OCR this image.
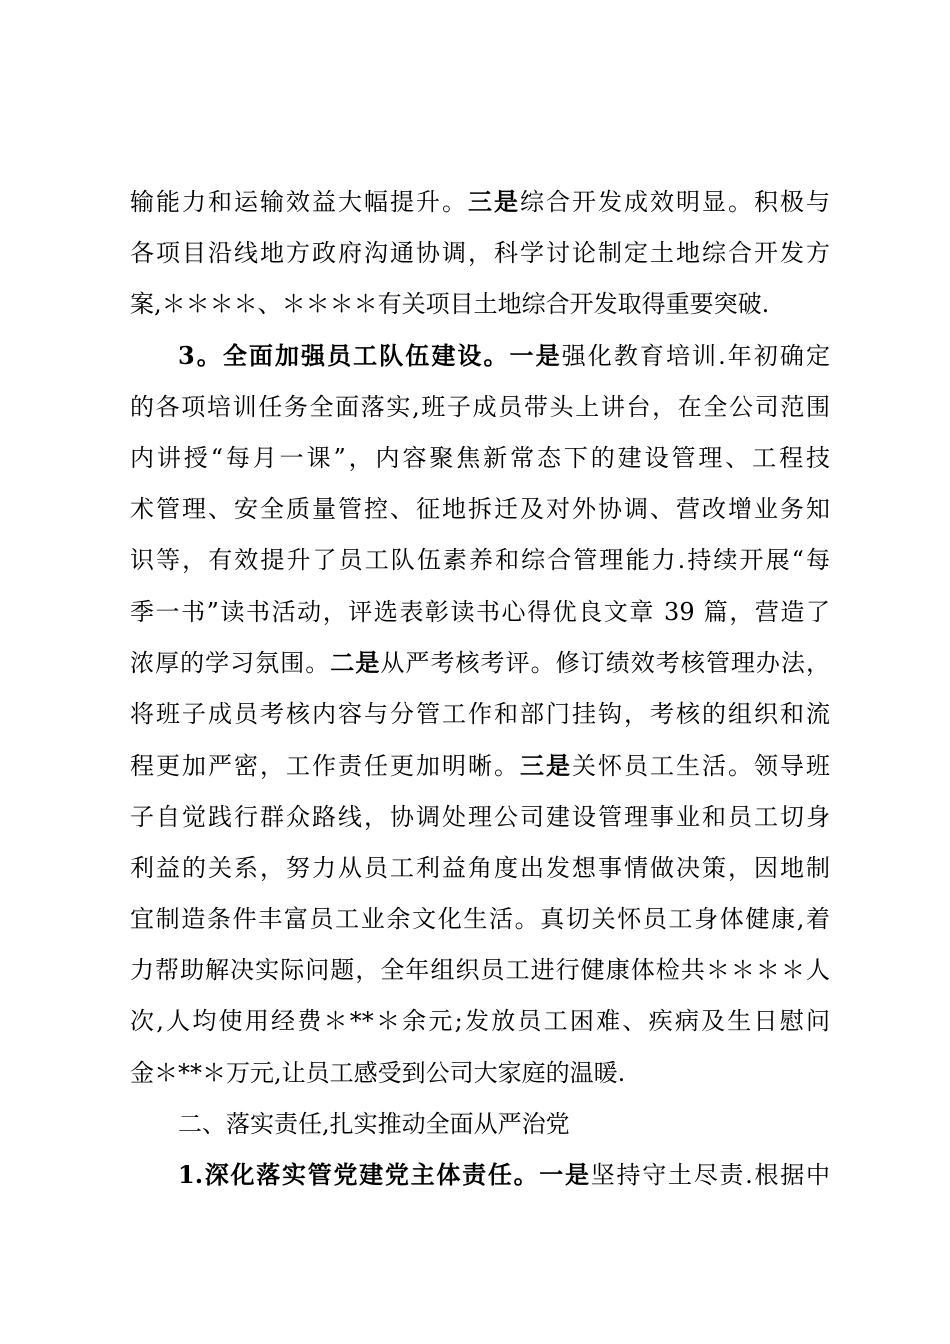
输能力和运输效益大幅提升。三是综合开发成效明显。积极与
各项目沿线地方政府沟通协调，科学讨论制定土地综合开发方
案,＊＊＊＊、＊＊＊＊有关项目土地综合开发取得重要突破.
3。全面加强员工队伍建设。一是强化教育培训.年初确定
的各项培训任务全面落实,班子成员带头上讲台，在全公司范围
内讲授“每月一课”，内容聚焦新常态下的建设管理、工程技
术管理、安全质量管控、征地拆迁及对外协调、营改增业务知
识等，有效提升了员工队伍素养和综合管理能力.持续开展“每
季一书”读书活动，评选表彰读书心得优良文章 39 篇，营造了
浓厚的学习氛围。二是从严考核考评。修订绩效考核管理办法，
将班子成员考核内容与分管工作和部门挂钩，考核的组织和流
程更加严密，工作责任更加明晰。三是关怀员工生活。领导班
子自觉践行群众路线，协调处理公司建设管理事业和员工切身
利益的关系，努力从员工利益角度出发想事情做决策，因地制
宜制造条件丰富员工业余文化生活。真切关怀员工身体健康,着
力帮助解决实际问题，全年组织员工进行健康体检共＊＊＊＊人
次,人均使用经费＊**＊余元;发放员工困难、疾病及生日慰问
金＊**＊万元,让员工感受到公司大家庭的温暖.
二、落实责任,扎实推动全面从严治党
1.深化落实管党建党主体责任。一是坚持守土尽责.根据中
